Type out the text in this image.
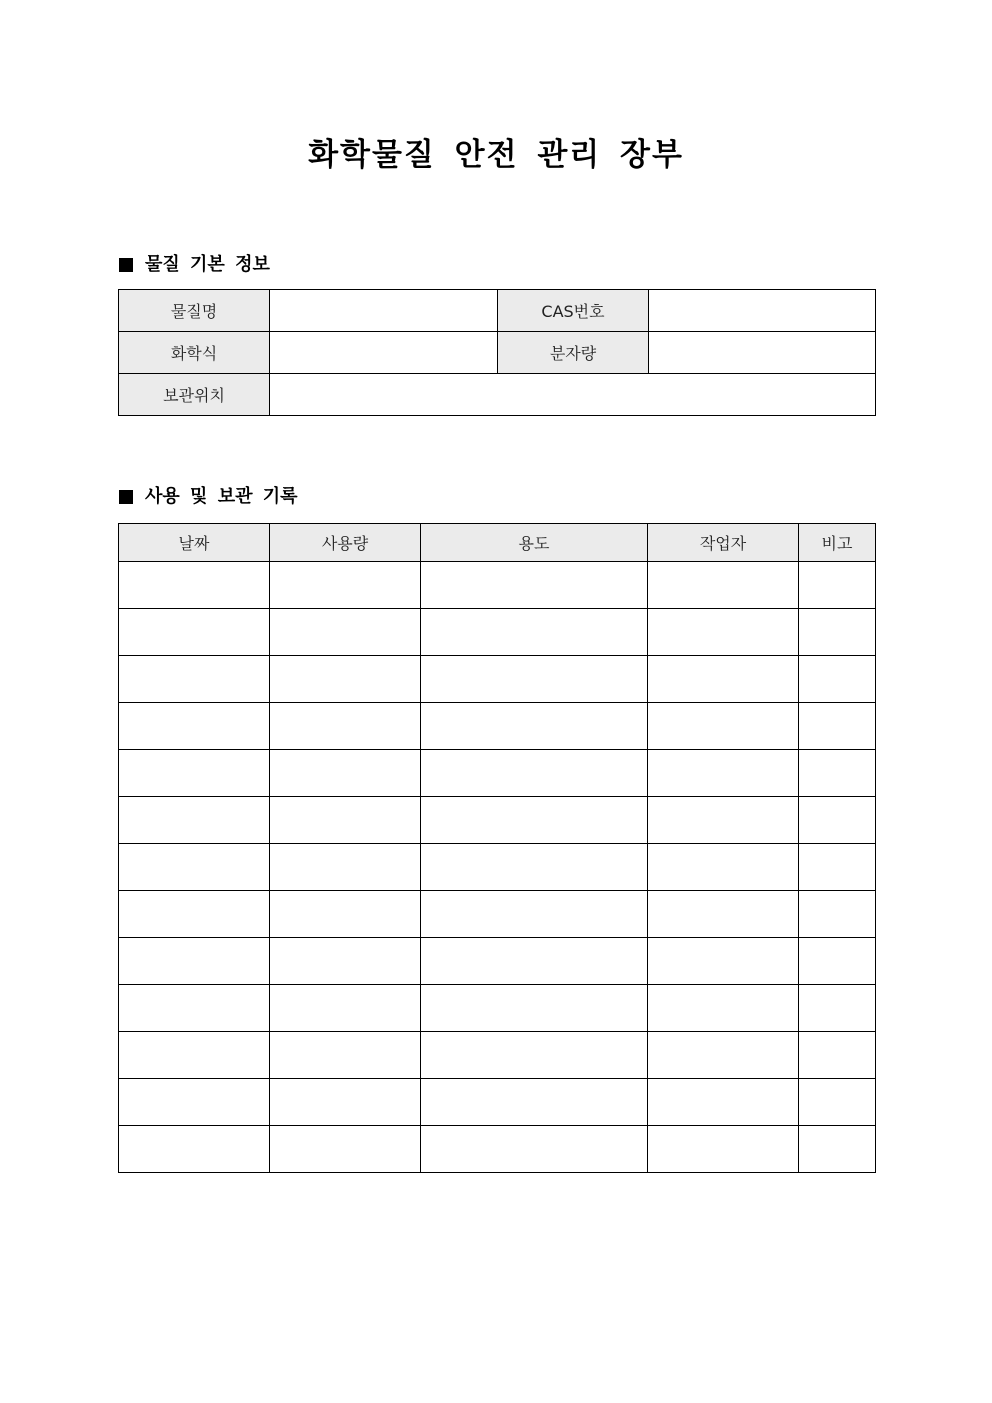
화학물질 안전 관리 장부
물질 기본 정보
물질명		CAS번호	
화학식		분자량	
보관위치			
사용 및 보관 기록
날짜	사용량	용도	작업자	비고
